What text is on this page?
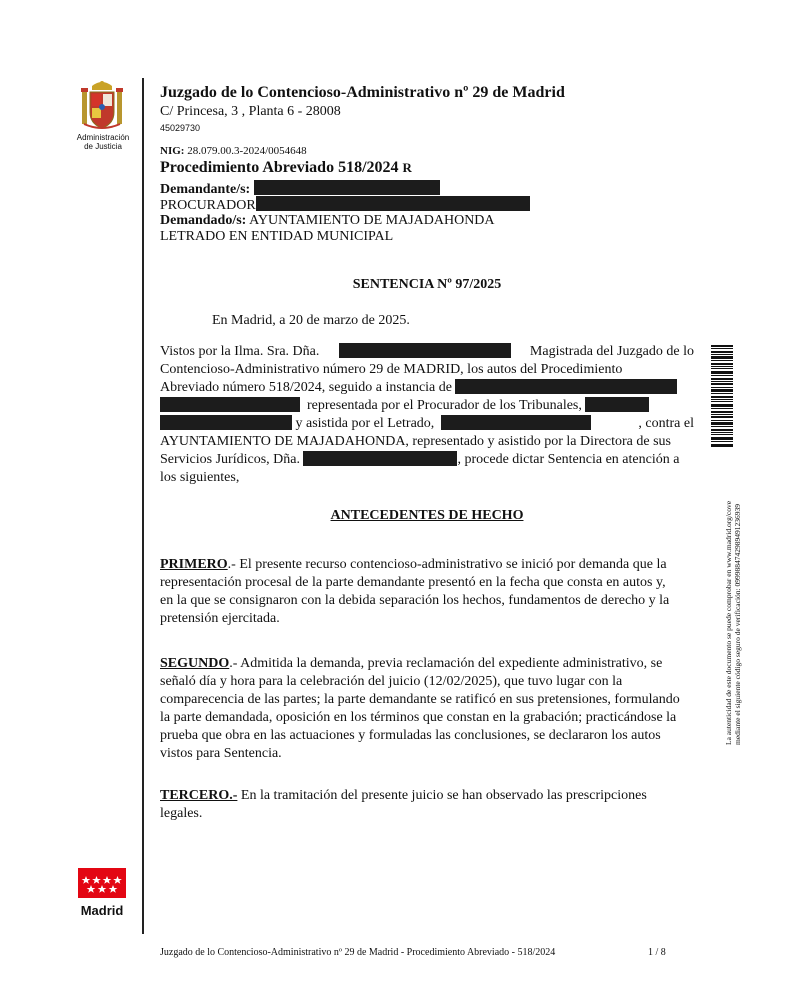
Administración
de Justicia
Juzgado de lo Contencioso-Administrativo nº 29 de Madrid
C/ Princesa, 3 , Planta 6 - 28008
45029730
NIG: 28.079.00.3-2024/0054648
Procedimiento Abreviado 518/2024 R
Demandante/s:
PROCURADOR
Demandado/s: AYUNTAMIENTO DE MAJADAHONDA
LETRADO EN ENTIDAD MUNICIPAL
SENTENCIA Nº 97/2025
En Madrid, a 20 de marzo de 2025.
Vistos por la Ilma. Sra. Dña.	Magistrada del Juzgado de lo
Contencioso-Administrativo número 29 de MADRID, los autos del Procedimiento
Abreviado número 518/2024, seguido a instancia de

representada por el Procurador de los Tribunales,

y asistida por el Letrado,
	, contra el
AYUNTAMIENTO DE MAJADAHONDA, representado y asistido por la Directora de sus
Servicios Jurídicos, Dña.
	, procede dictar Sentencia en atención a
los siguientes,
ANTECEDENTES DE HECHO
PRIMERO.- El presente recurso contencioso-administrativo se inició por demanda que la
representación procesal de la parte demandante presentó en la fecha que consta en autos y,
en la que se consignaron con la debida separación los hechos, fundamentos de derecho y la
pretensión ejercitada.
SEGUNDO.- Admitida la demanda, previa reclamación del expediente administrativo, se
señaló día y hora para la celebración del juicio (12/02/2025), que tuvo lugar con la
comparecencia de las partes; la parte demandante se ratificó en sus pretensiones, formulando
la parte demandada, oposición en los términos que constan en la grabación; practicándose la
prueba que obra en las actuaciones y formuladas las conclusiones, se declararon los autos
vistos para Sentencia.
TERCERO.- En la tramitación del presente juicio se han observado las prescripciones
legales.
Madrid
La autenticidad de este documento se puede comprobar en www.madrid.org/cove mediante el siguiente código seguro de verificación: 0999884742989491236939
Juzgado de lo Contencioso-Administrativo nº 29 de Madrid - Procedimiento Abreviado - 518/2024	1 / 8
